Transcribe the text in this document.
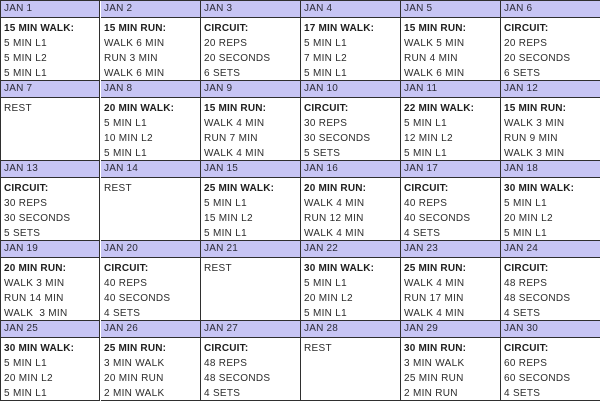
JAN 1
15 MIN WALK:
5 MIN L1
5 MIN L2
5 MIN L1
JAN 2
15 MIN RUN:
WALK 6 MIN
RUN 3 MIN
WALK 6 MIN
JAN 3
CIRCUIT:
20 REPS
20 SECONDS
6 SETS
JAN 4
17 MIN WALK:
5 MIN L1
7 MIN L2
5 MIN L1
JAN 5
15 MIN RUN:
WALK 5 MIN
RUN 4 MIN
WALK 6 MIN
JAN 6
CIRCUIT:
20 REPS
20 SECONDS
6 SETS
JAN 7
REST
JAN 8
20 MIN WALK:
5 MIN L1
10 MIN L2
5 MIN L1
JAN 9
15 MIN RUN:
WALK 4 MIN
RUN 7 MIN
WALK 4 MIN
JAN 10
CIRCUIT:
30 REPS
30 SECONDS
5 SETS
JAN 11
22 MIN WALK:
5 MIN L1
12 MIN L2
5 MIN L1
JAN 12
15 MIN RUN:
WALK 3 MIN
RUN 9 MIN
WALK 3 MIN
JAN 13
CIRCUIT:
30 REPS
30 SECONDS
5 SETS
JAN 14
REST
JAN 15
25 MIN WALK:
5 MIN L1
15 MIN L2
5 MIN L1
JAN 16
20 MIN RUN:
WALK 4 MIN
RUN 12 MIN
WALK 4 MIN
JAN 17
CIRCUIT:
40 REPS
40 SECONDS
4 SETS
JAN 18
30 MIN WALK:
5 MIN L1
20 MIN L2
5 MIN L1
JAN 19
20 MIN RUN:
WALK 3 MIN
RUN 14 MIN
WALK  3 MIN
JAN 20
CIRCUIT:
40 REPS
40 SECONDS
4 SETS
JAN 21
REST
JAN 22
30 MIN WALK:
5 MIN L1
20 MIN L2
5 MIN L1
JAN 23
25 MIN RUN:
WALK 4 MIN
RUN 17 MIN
WALK 4 MIN
JAN 24
CIRCUIT:
48 REPS
48 SECONDS
4 SETS
JAN 25
30 MIN WALK:
5 MIN L1
20 MIN L2
5 MIN L1
JAN 26
25 MIN RUN:
3 MIN WALK
20 MIN RUN
2 MIN WALK
JAN 27
CIRCUIT:
48 REPS
48 SECONDS
4 SETS
JAN 28
REST
JAN 29
30 MIN RUN:
3 MIN WALK
25 MIN RUN
2 MIN RUN
JAN 30
CIRCUIT:
60 REPS
60 SECONDS
4 SETS
